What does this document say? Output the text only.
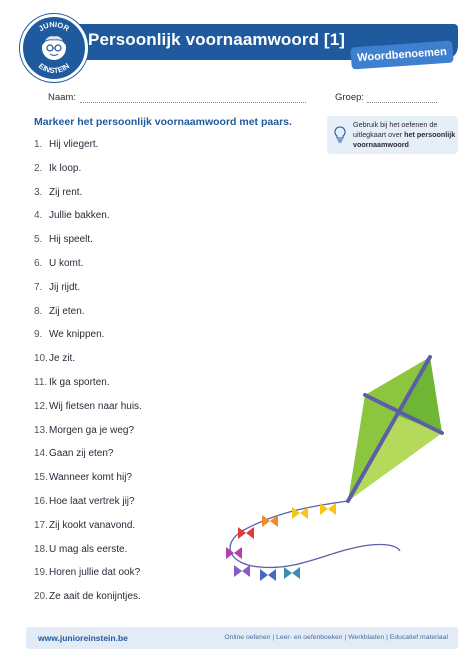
JUNIOR
EINSTEIN
Persoonlijk voornaamwoord [1]
Woordbenoemen
Naam:	Groep:
Markeer het persoonlijk voornaamwoord met paars.	Gebruik bij het oefenen de uitlegkaart over het persoonlijk voornaamwoord
1. Hij vliegert.
2. Ik loop.
3. Zij rent.
4. Jullie bakken.
5. Hij speelt.
6. U komt.
7. Jij rijdt.
8. Zij eten.
9. We knippen.
10.Je zit.
11. Ik ga sporten.
12.Wij fietsen naar huis.
13.Morgen ga je weg?
14.Gaan zij eten?
15.Wanneer komt hij?
16.Hoe laat vertrek jij?
17.Zij kookt vanavond.
18.U mag als eerste.
19.Horen jullie dat ook?
20.Ze aait de konijntjes.
www.junioreinstein.be	Online oefenen | Leer- en oefenboeken | Werkbladen | Educatief materiaal
